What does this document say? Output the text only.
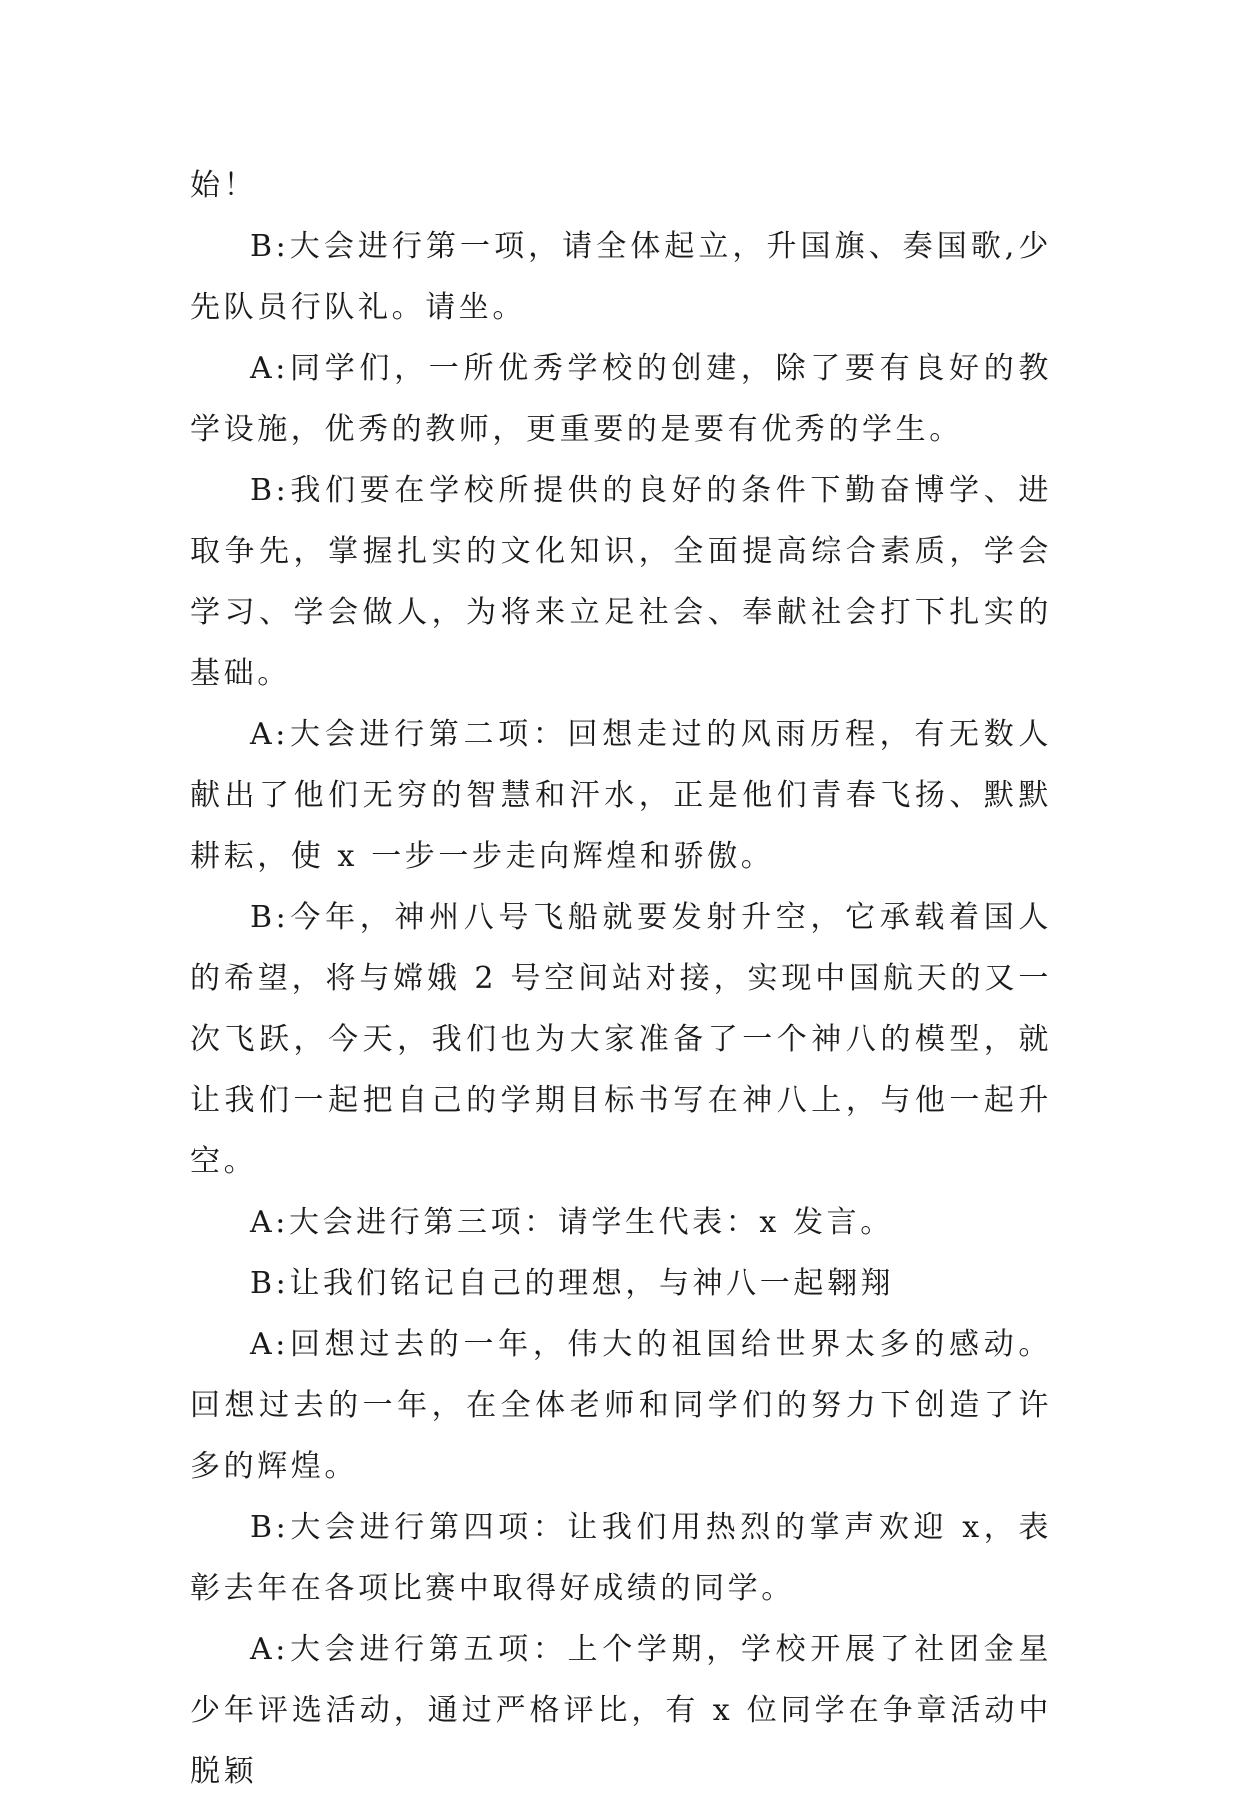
始！

B:大会进行第一项，请全体起立，升国旗、奏国歌,少先队员行队礼。请坐。

A:同学们，一所优秀学校的创建，除了要有良好的教学设施，优秀的教师，更重要的是要有优秀的学生。

B:我们要在学校所提供的良好的条件下勤奋博学、进取争先，掌握扎实的文化知识，全面提高综合素质，学会学习、学会做人，为将来立足社会、奉献社会打下扎实的基础。

A:大会进行第二项：回想走过的风雨历程，有无数人献出了他们无穷的智慧和汗水，正是他们青春飞扬、默默耕耘，使 x 一步一步走向辉煌和骄傲。

B:今年，神州八号飞船就要发射升空，它承载着国人的希望，将与嫦娥 2 号空间站对接，实现中国航天的又一次飞跃，今天，我们也为大家准备了一个神八的模型，就让我们一起把自己的学期目标书写在神八上，与他一起升空。

A:大会进行第三项：请学生代表：x 发言。

B:让我们铭记自己的理想，与神八一起翱翔

A:回想过去的一年，伟大的祖国给世界太多的感动。回想过去的一年，在全体老师和同学们的努力下创造了许多的辉煌。

B:大会进行第四项：让我们用热烈的掌声欢迎 x，表彰去年在各项比赛中取得好成绩的同学。

A:大会进行第五项：上个学期，学校开展了社团金星少年评选活动，通过严格评比，有 x 位同学在争章活动中脱颖
